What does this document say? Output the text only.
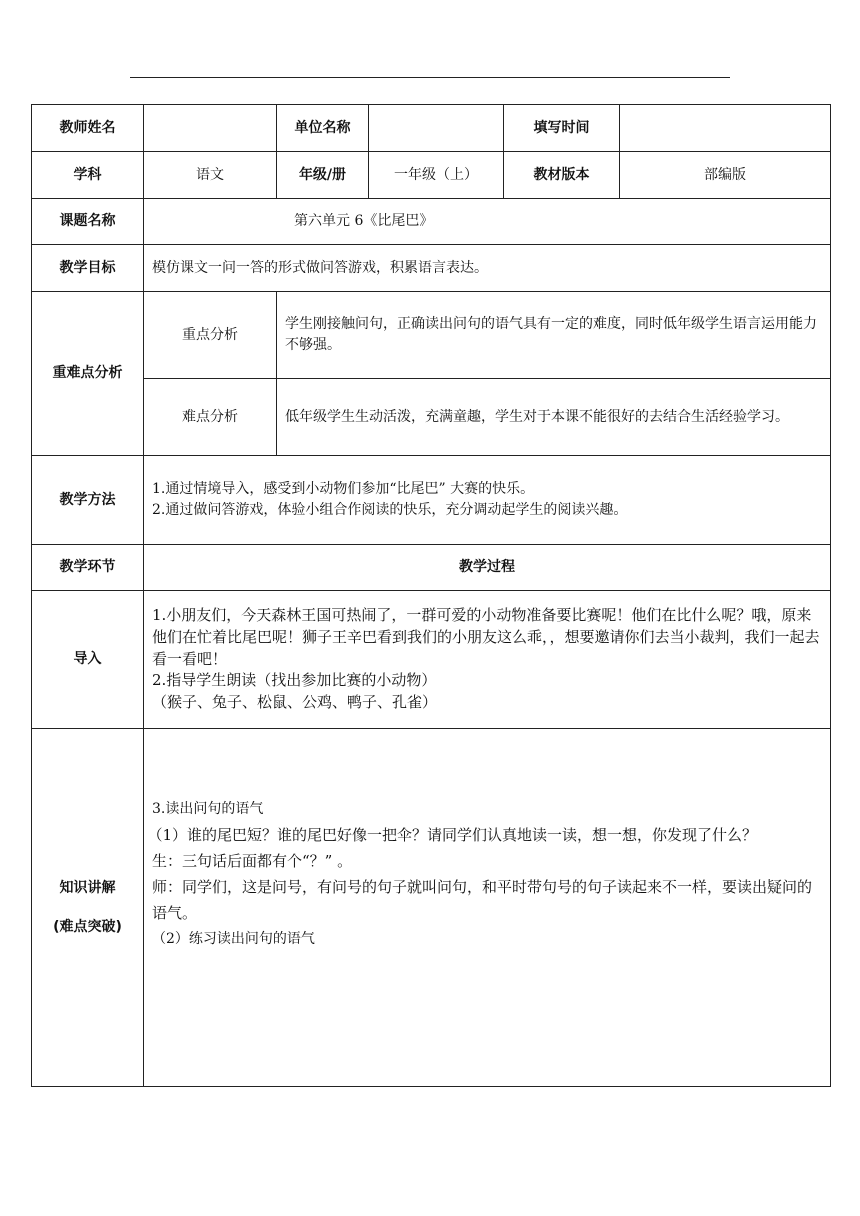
教师姓名		单位名称		填写时间	
学科	语文	年级/册	一年级（上）	教材版本	部编版
课题名称	第六单元 6《比尾巴》				
教学目标	模仿课文一问一答的形式做问答游戏，积累语言表达。				
重难点分析	重点分析	学生刚接触问句，正确读出问句的语气具有一定的难度，同时低年级学生语言运用能力不够强。			
	难点分析	低年级学生生动活泼，充满童趣，学生对于本课不能很好的去结合生活经验学习。			
教学方法	1.通过情境导入，感受到小动物们参加“比尾巴” 大赛的快乐。
2.通过做问答游戏，体验小组合作阅读的快乐，充分调动起学生的阅读兴趣。				

教学环节	教学过程				
导入	1.小朋友们，今天森林王国可热闹了，一群可爱的小动物准备要比赛呢！他们在比什么呢？哦，原来他们在忙着比尾巴呢！狮子王辛巴看到我们的小朋友这么乖，，想要邀请你们去当小裁判，我们一起去看一看吧！
2.指导学生朗读（找出参加比赛的小动物）
（猴子、兔子、松鼠、公鸡、鸭子、孔雀）				

知识讲解
(难点突破)	3.读出问句的语气
（1）谁的尾巴短？谁的尾巴好像一把伞？请同学们认真地读一读，想一想，你发现了什么？
生：三句话后面都有个“？” 。
师：同学们，这是问号，有问号的句子就叫问句，和平时带句号的句子读起来不一样，要读出疑问的语气。
（2）练习读出问句的语气				
